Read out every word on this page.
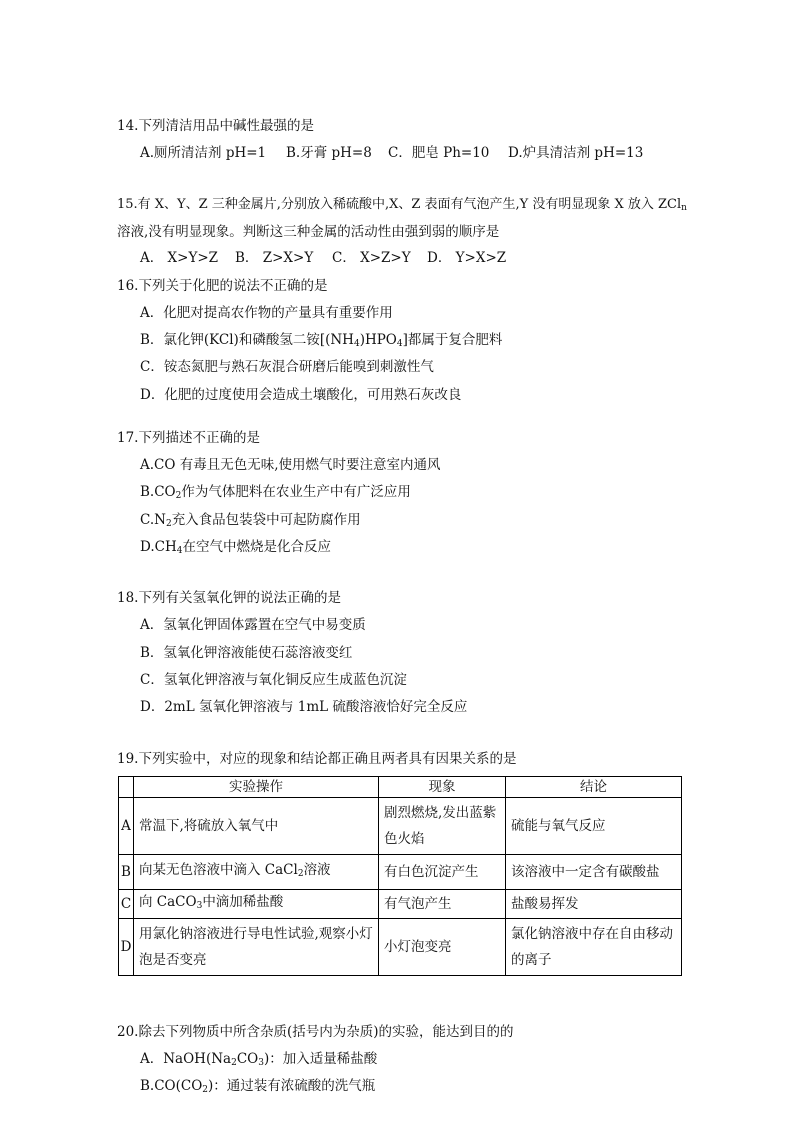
14.下列清洁用品中碱性最强的是
A.厕所清洁剂 pH=1 B.牙膏 pH=8 C．肥皂 Ph=10 D.炉具清洁剂 pH=13
15.有 X、Y、Z 三种金属片,分别放入稀硫酸中,X、Z 表面有气泡产生,Y 没有明显现象 X 放入 ZCl$_n$
溶液,没有明显现象。判断这三种金属的活动性由强到弱的顺序是
A． X>Y>Z B． Z>X>Y C． X>Z>Y D． Y>X>Z
16.下列关于化肥的说法不正确的是
A．化肥对提高农作物的产量具有重要作用
B．氯化钾(KCl)和磷酸氢二铵$[(NH_4)HPO_4]$都属于复合肥料
C．铵态氮肥与熟石灰混合研磨后能嗅到刺激性气
D．化肥的过度使用会造成土壤酸化，可用熟石灰改良
17.下列描述不正确的是
A.CO 有毒且无色无味,使用燃气时要注意室内通风
$B.CO_2$作为气体肥料在农业生产中有广泛应用
$C.N_2$充入食品包装袋中可起防腐作用
$D.CH_4$在空气中燃烧是化合反应
18.下列有关氢氧化钾的说法正确的是
A．氢氧化钾固体露置在空气中易变质
B．氢氧化钾溶液能使石蕊溶液变红
C．氢氧化钾溶液与氧化铜反应生成蓝色沉淀
D．2mL 氢氧化钾溶液与 1mL 硫酸溶液恰好完全反应
19.下列实验中，对应的现象和结论都正确且两者具有因果关系的是
	实验操作	现象	结论
A	常温下,将硫放入氧气中	剧烈燃烧,发出蓝紫色火焰	硫能与氧气反应
B	向某无色溶液中滴入 CaCl$_2$溶液	有白色沉淀产生	该溶液中一定含有碳酸盐
C	向 CaCO$_3$中滴加稀盐酸	有气泡产生	盐酸易挥发
D	用氯化钠溶液进行导电性试验,观察小灯泡是否变亮	小灯泡变亮	氯化钠溶液中存在自由移动的离子
20.除去下列物质中所含杂质(括号内为杂质)的实验，能达到目的的
A．$NaOH(Na_2CO_3)$：加入适量稀盐酸
$B.CO(CO_2)$：通过装有浓硫酸的洗气瓶
